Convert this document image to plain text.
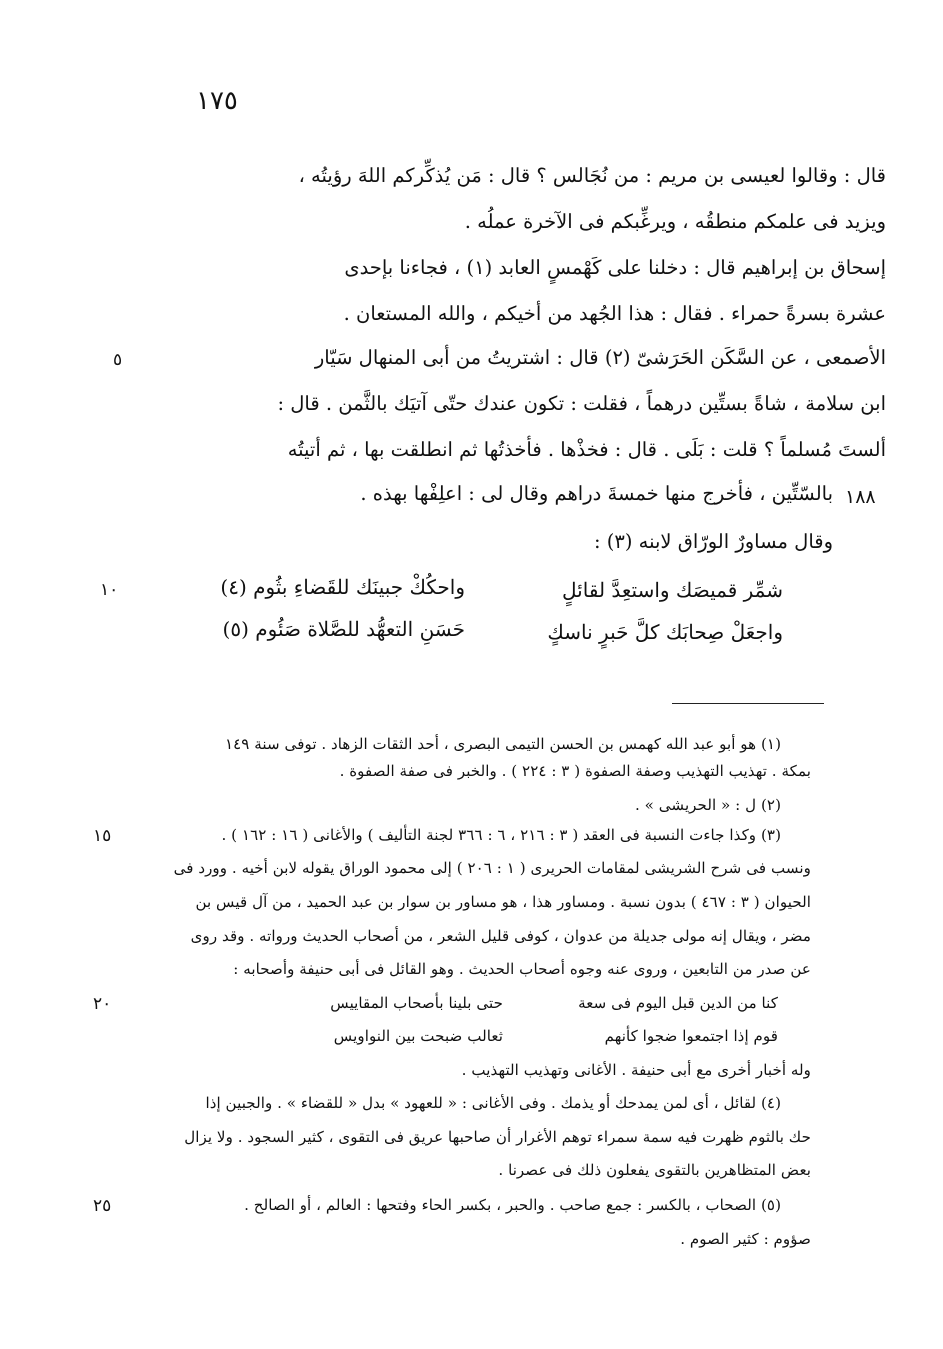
١٧٥
قال : وقالوا لعيسى بن مريم : من نُجَالس ؟ قال : مَن يُذكِّركم اللهَ رؤيتُه ،
ويزيد فى علمكم منطقُه ، ويرغِّبكم فى الآخرة عملُه .
إسحاق بن إبراهيم قال : دخلنا على كَهْمسٍ العابد (١) ، فجاءنا بإحدى
عشرة بسرةً حمراء . فقال : هذا الجُهد من أخيكم ، والله المستعان .
الأصمعى ، عن السَّكَن الحَرَشىّ (٢) قال : اشتريتُ من أبى المنهال سَيّار
ابن سلامة ، شاةً بستِّين درهماً ، فقلت : تكون عندك حتّى آتيَك بالثَّمن . قال :
ألستَ مُسلماً ؟ قلت : بَلَى . قال : فخذْها . فأخذتُها ثم انطلقت بها ، ثم أتيتُه
بالسّتِّين ، فأخرج منها خمسةَ دراهم وقال لى : اعلِفْها بهذه .
وقال مساورٌ الورّاق لابنه (٣) :
شمِّر قميصَك واستعِدَّ لقائلٍ
واحكُكْ جبينَك للقَضاءِ بثُوم (٤)
واجعَلْ صِحابَك كلَّ حَبرٍ ناسكٍ
حَسَنِ التعهُّد للصَّلاة صَئُوم (٥)
٥
١٨٨
١٠
١٥
٢٠
٢٥
(١) هو أبو عبد الله كهمس بن الحسن التيمى البصرى ، أحد الثقات الزهاد . توفى سنة ١٤٩
بمكة . تهذيب التهذيب وصفة الصفوة ( ٣ : ٢٢٤ ) . والخبر فى صفة الصفوة .
(٢) ل : « الحريشى » .
(٣) وكذا جاءت النسبة فى العقد ( ٣ : ٢١٦ ، ٦ : ٣٦٦ لجنة التأليف ) والأغانى ( ١٦ : ١٦٢ ) .
ونسب فى شرح الشريشى لمقامات الحريرى ( ١ : ٢٠٦ ) إلى محمود الوراق يقوله لابن أخيه . وورد فى
الحيوان ( ٣ : ٤٦٧ ) بدون نسبة . ومساور هذا ، هو مساور بن سوار بن عبد الحميد ، من آل قيس بن
مضر ، ويقال إنه مولى جديلة من عدوان ، كوفى قليل الشعر ، من أصحاب الحديث ورواته . وقد روى
عن صدر من التابعين ، وروى عنه وجوه أصحاب الحديث . وهو القائل فى أبى حنيفة وأصحابه :
كنا من الدين قبل اليوم فى سعة
حتى بلينا بأصحاب المقاييس
قوم إذا اجتمعوا ضجوا كأنهم
ثعالب ضبحت بين النواويس
وله أخبار أخرى مع أبى حنيفة . الأغانى وتهذيب التهذيب .
(٤) لقائل ، أى لمن يمدحك أو يذمك . وفى الأغانى : « للعهود » بدل « للقضاء » . والجبين إذا
حك بالثوم ظهرت فيه سمة سمراء توهم الأغرار أن صاحبها عريق فى التقوى ، كثير السجود . ولا يزال
بعض المتظاهرين بالتقوى يفعلون ذلك فى عصرنا .
(٥) الصحاب ، بالكسر : جمع صاحب . والحبر ، بكسر الحاء وفتحها : العالم ، أو الصالح .
صؤوم : كثير الصوم .
